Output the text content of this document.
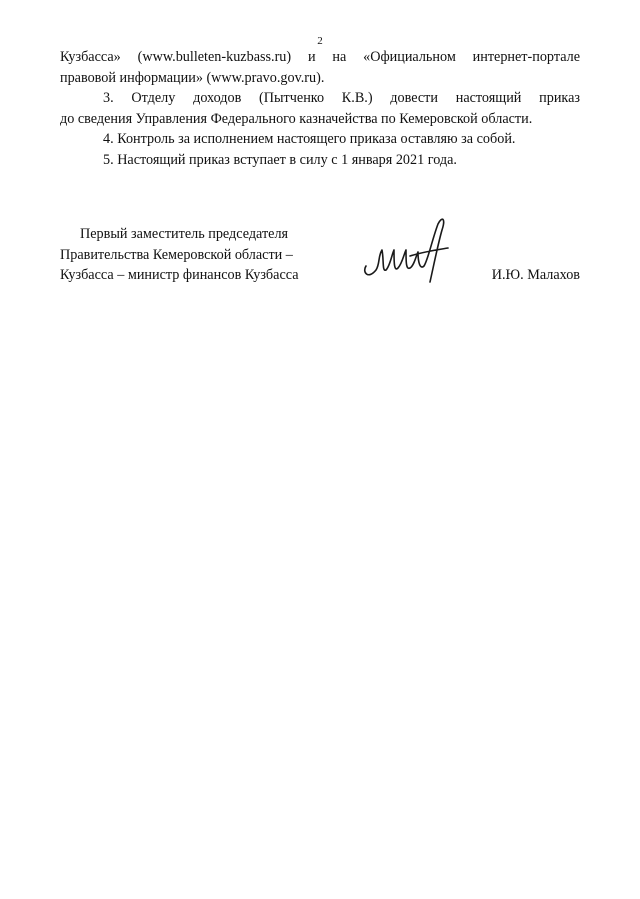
2

Кузбасса» (www.bulleten-kuzbass.ru) и на «Официальном интернет-портале
правовой информации» (www.pravo.gov.ru).

3. Отделу доходов (Пытченко К.В.) довести настоящий приказ

до сведения Управления Федерального казначейства по Кемеровской области.

4. Контроль за исполнением настоящего приказа оставляю за собой.

5. Настоящий приказ вступает в силу с 1 января 2021 года.

Первый заместитель председателя
Правительства Кемеровской области –
Кузбасса – министр финансов Кузбасса	И.Ю. Малахов
